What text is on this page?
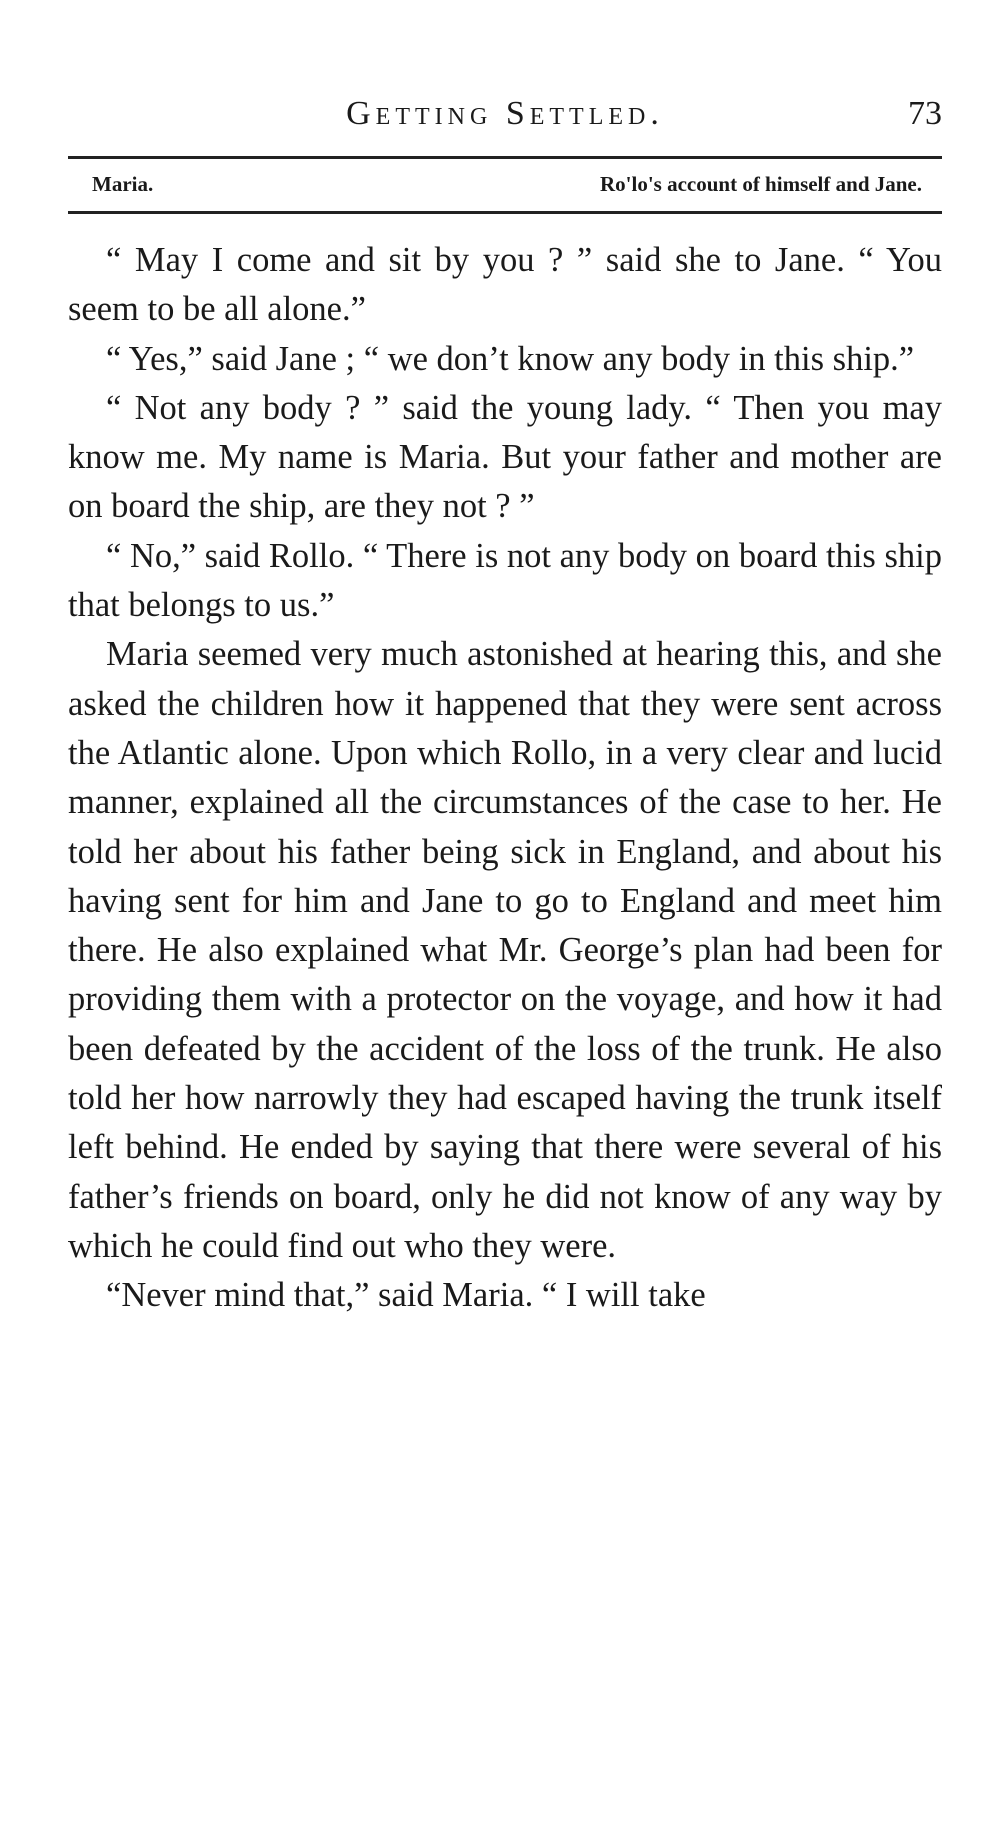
Getting Settled.	73
Maria.	Ro'lo's account of himself and Jane.

“ May I come and sit by you ? ” said she to Jane. “ You seem to be all alone.”

“ Yes,” said Jane ; “ we don’t know any body in this ship.”

“ Not any body ? ” said the young lady. “ Then you may know me. My name is Maria. But your father and mother are on board the ship, are they not ? ”

“ No,” said Rollo. “ There is not any body on board this ship that belongs to us.”

Maria seemed very much astonished at hearing this, and she asked the children how it happened that they were sent across the Atlantic alone. Upon which Rollo, in a very clear and lucid manner, explained all the circumstances of the case to her. He told her about his father being sick in England, and about his having sent for him and Jane to go to England and meet him there. He also explained what Mr. George’s plan had been for providing them with a protector on the voyage, and how it had been defeated by the accident of the loss of the trunk. He also told her how narrowly they had escaped having the trunk itself left behind. He ended by saying that there were several of his father’s friends on board, only he did not know of any way by which he could find out who they were.

“Never mind that,” said Maria. “ I will take
